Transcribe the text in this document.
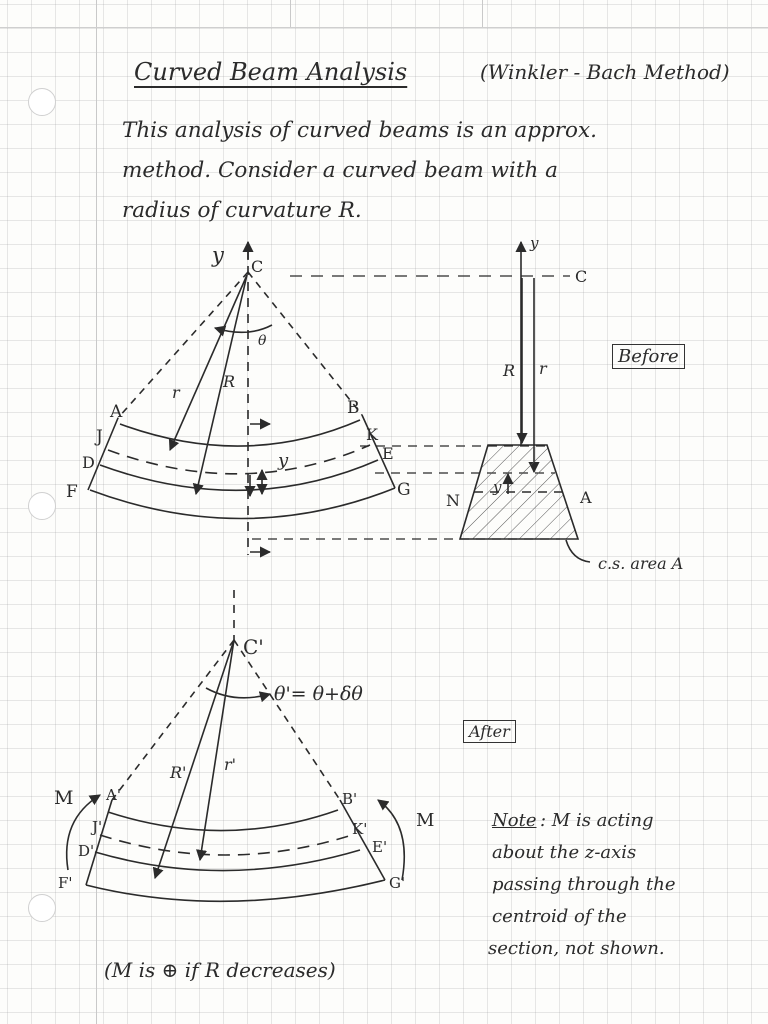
Curved Beam Analysis	(Winkler - Bach Method)
This analysis of curved beams is an approx.
method. Consider a curved beam with a
radius of curvature R.
y C
θ
r
R
y
A
J
D
F
B
K
E
G
y
C
R r
N	A
y
c.s. area A
C'
θ'= θ+δθ
R' r'
M
M
A'
J'
D'
F'
B'
K'
E'
G'
Before
After
Note : M is acting
about the z-axis
passing through the
centroid of the
section, not shown.
(M is ⊕ if R decreases)
